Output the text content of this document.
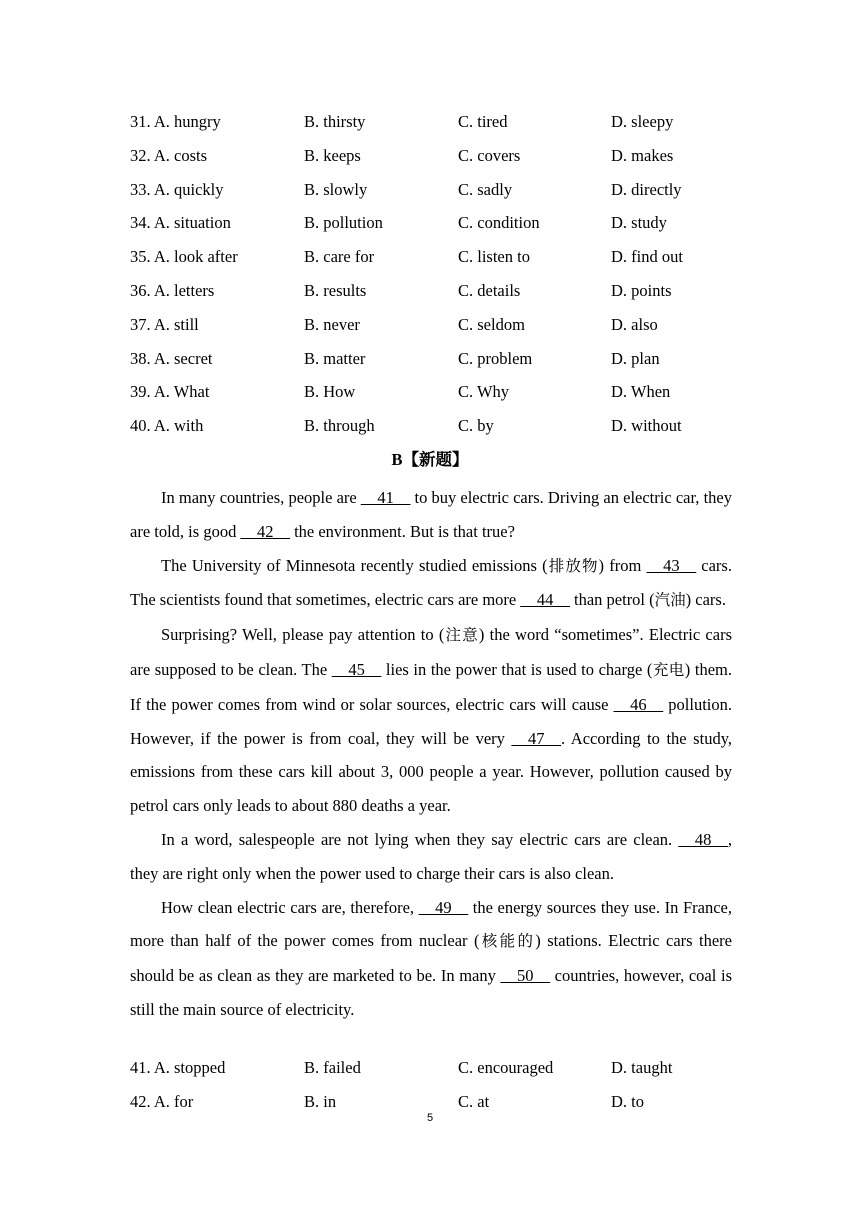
31. A. hungry	B. thirsty	C. tired	D. sleepy
32. A. costs	B. keeps	C. covers	D. makes
33. A. quickly	B. slowly	C. sadly	D. directly
34. A. situation	B. pollution	C. condition	D. study
35. A. look after	B. care for	C. listen to	D. find out
36. A. letters	B. results	C. details	D. points
37. A. still	B. never	C. seldom	D. also
38. A. secret	B. matter	C. problem	D. plan
39. A. What	B. How	C. Why	D. When
40. A. with	B. through	C. by	D. without
B【新题】

In many countries, people are __41__ to buy electric cars. Driving an electric car, they are told, is good __42__ the environment. But is that true?

The University of Minnesota recently studied emissions (排放物) from __43__ cars. The scientists found that sometimes, electric cars are more __44__ than petrol (汽油) cars.

Surprising? Well, please pay attention to (注意) the word “sometimes”. Electric cars are supposed to be clean. The __45__ lies in the power that is used to charge (充电) them. If the power comes from wind or solar sources, electric cars will cause __46__ pollution. However, if the power is from coal, they will be very __47__. According to the study, emissions from these cars kill about 3, 000 people a year. However, pollution caused by petrol cars only leads to about 880 deaths a year.

In a word, salespeople are not lying when they say electric cars are clean. __48__, they are right only when the power used to charge their cars is also clean.

How clean electric cars are, therefore, __49__ the energy sources they use. In France, more than half of the power comes from nuclear (核能的) stations. Electric cars there should be as clean as they are marketed to be. In many __50__ countries, however, coal is still the main source of electricity.

41. A. stopped	B. failed	C. encouraged	D. taught
42. A. for	B. in	C. at	D. to
5
